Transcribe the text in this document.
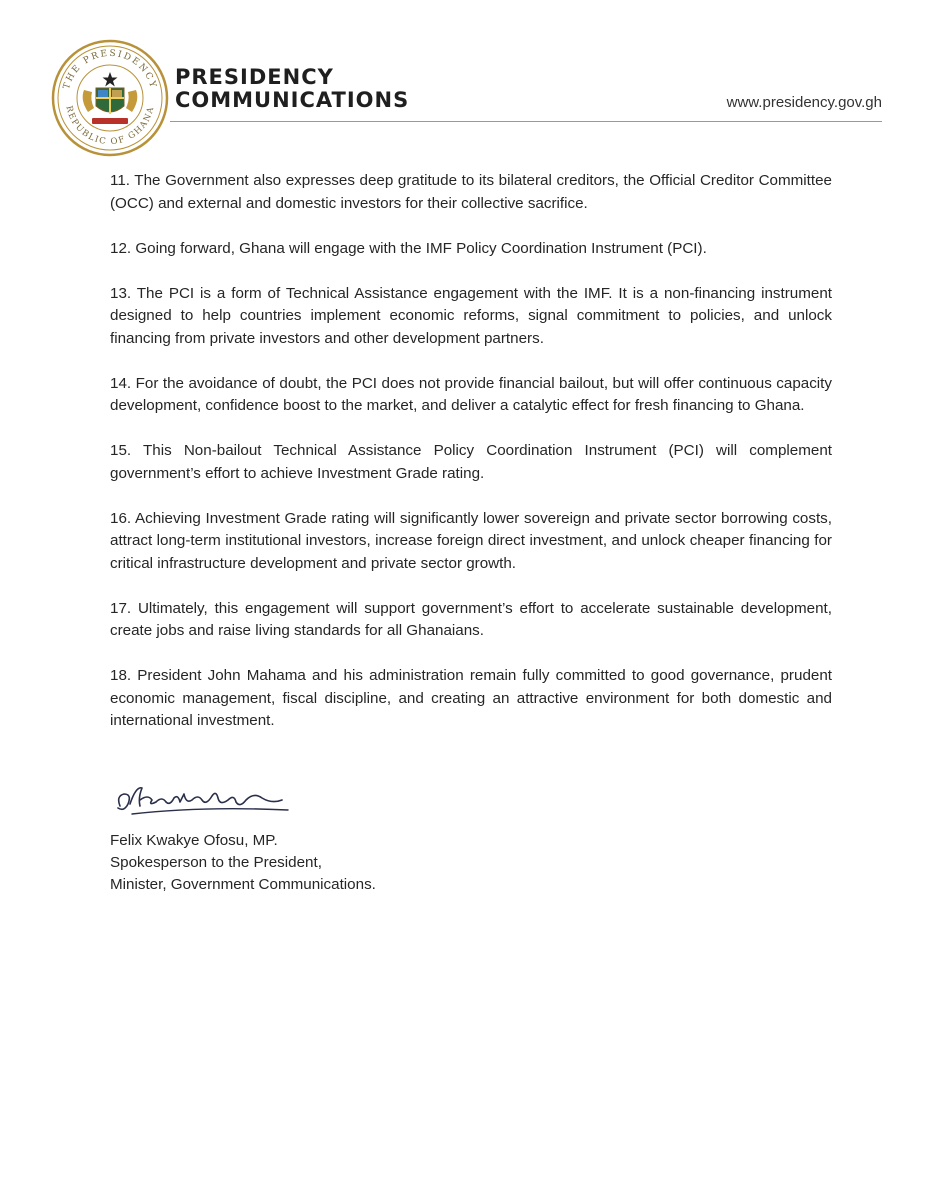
THE PRESIDENCY
REPUBLIC OF GHANA
PRESIDENCY
COMMUNICATIONS	www.presidency.gov.gh

11. The Government also expresses deep gratitude to its bilateral creditors, the Official Creditor Committee (OCC) and external and domestic investors for their collective sacrifice.

12. Going forward, Ghana will engage with the IMF Policy Coordination Instrument (PCI).

13. The PCI is a form of Technical Assistance engagement with the IMF. It is a non-financing instrument designed to help countries implement economic reforms, signal commitment to policies, and unlock financing from private investors and other development partners.

14. For the avoidance of doubt, the PCI does not provide financial bailout, but will offer continuous capacity development, confidence boost to the market, and deliver a catalytic effect for fresh financing to Ghana.

15. This Non-bailout Technical Assistance Policy Coordination Instrument (PCI) will complement government’s effort to achieve Investment Grade rating.

16. Achieving Investment Grade rating will significantly lower sovereign and private sector borrowing costs, attract long-term institutional investors, increase foreign direct investment, and unlock cheaper financing for critical infrastructure development and private sector growth.

17. Ultimately, this engagement will support government’s effort to accelerate sustainable development, create jobs and raise living standards for all Ghanaians.

18. President John Mahama and his administration remain fully committed to good governance, prudent economic management, fiscal discipline, and creating an attractive environment for both domestic and international investment.

Felix Kwakye Ofosu, MP.
Spokesperson to the President,
Minister, Government Communications.
